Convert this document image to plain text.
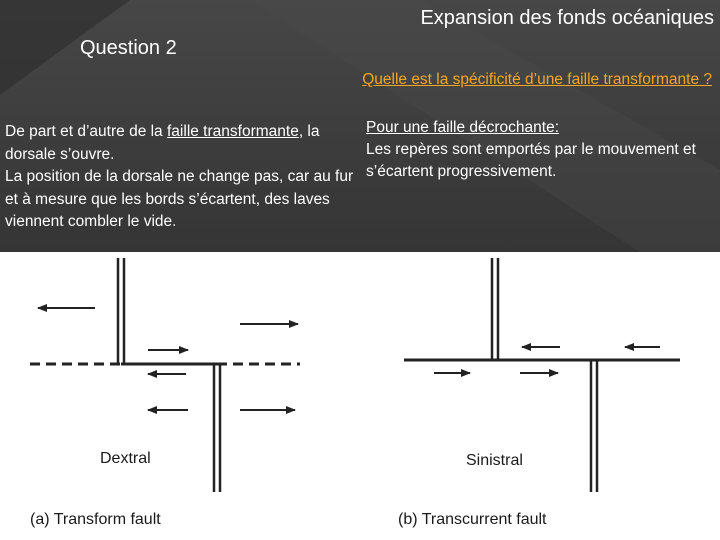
Expansion des fonds océaniques
Question 2
Quelle est la spécificité d’une faille transformante ?
De part et d’autre de la faille transformante, la dorsale s’ouvre.
La position de la dorsale ne change pas, car au fur et à mesure que les bords s’écartent, des laves viennent combler le vide.
Pour une faille décrochante:
Les repères sont emportés par le mouvement et s’écartent progressivement.
Dextral	Sinistral
(a) Transform fault	(b) Transcurrent fault
